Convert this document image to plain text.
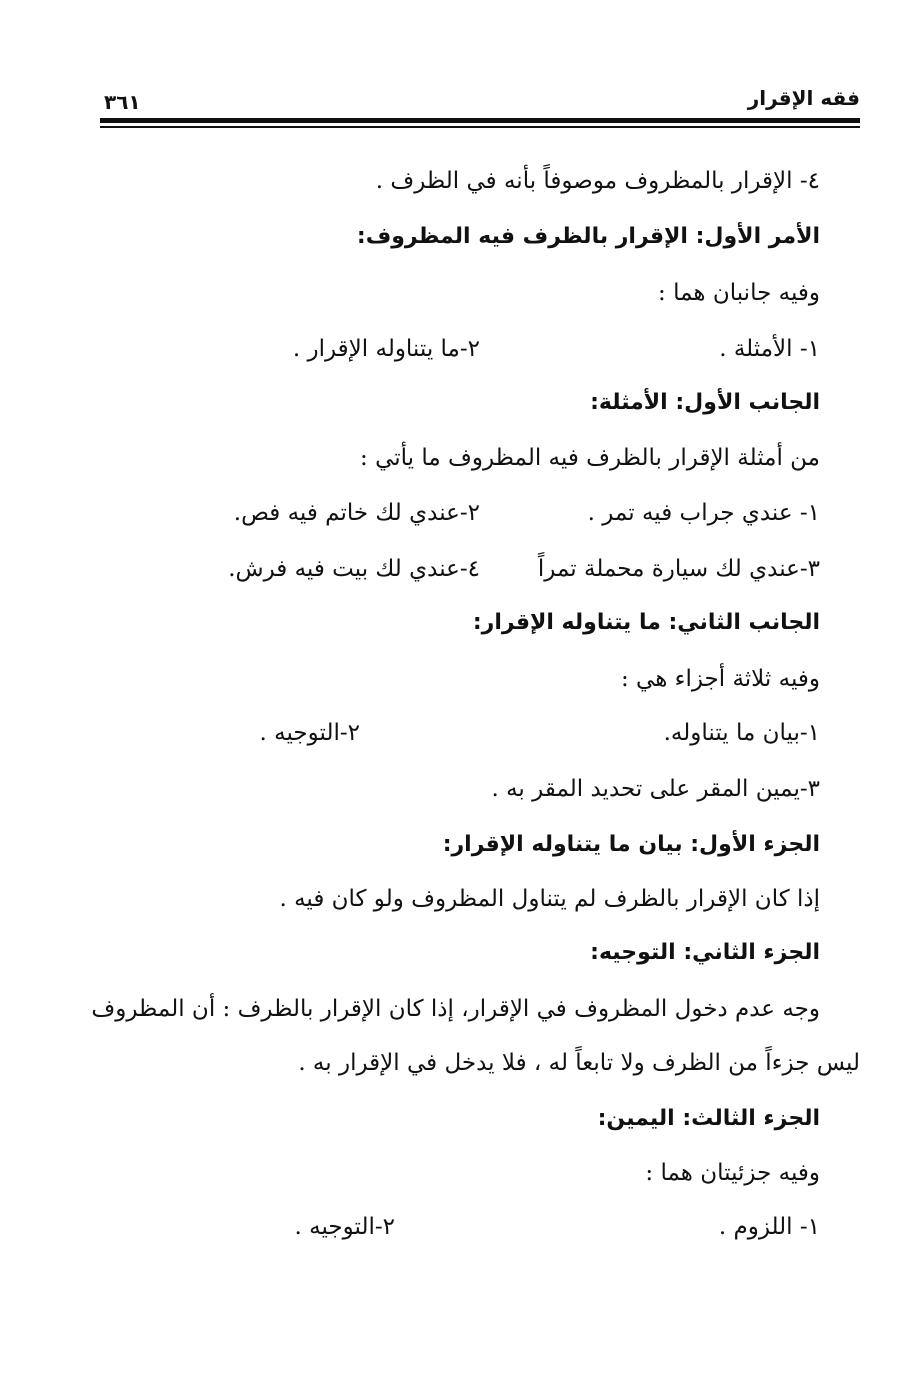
فقه الإقرار
٣٦١
٤- الإقرار بالمظروف موصوفاً بأنه في الظرف .
الأمر الأول: الإقرار بالظرف فيه المظروف:
وفيه جانبان هما :
١- الأمثلة .
٢-ما يتناوله الإقرار .
الجانب الأول: الأمثلة:
من أمثلة الإقرار بالظرف فيه المظروف ما يأتي :
١- عندي جراب فيه تمر .
٢-عندي لك خاتم فيه فص.
٣-عندي لك سيارة محملة تمراً
٤-عندي لك بيت فيه فرش.
الجانب الثاني: ما يتناوله الإقرار:
وفيه ثلاثة أجزاء هي :
١-بيان ما يتناوله.
٢-التوجيه .
٣-يمين المقر على تحديد المقر به .
الجزء الأول: بيان ما يتناوله الإقرار:
إذا كان الإقرار بالظرف لم يتناول المظروف ولو كان فيه .
الجزء الثاني: التوجيه:
وجه عدم دخول المظروف في الإقرار، إذا كان الإقرار بالظرف : أن المظروف
ليس جزءاً من الظرف ولا تابعاً له ، فلا يدخل في الإقرار به .
الجزء الثالث: اليمين:
وفيه جزئيتان هما :
١- اللزوم .
٢-التوجيه .
